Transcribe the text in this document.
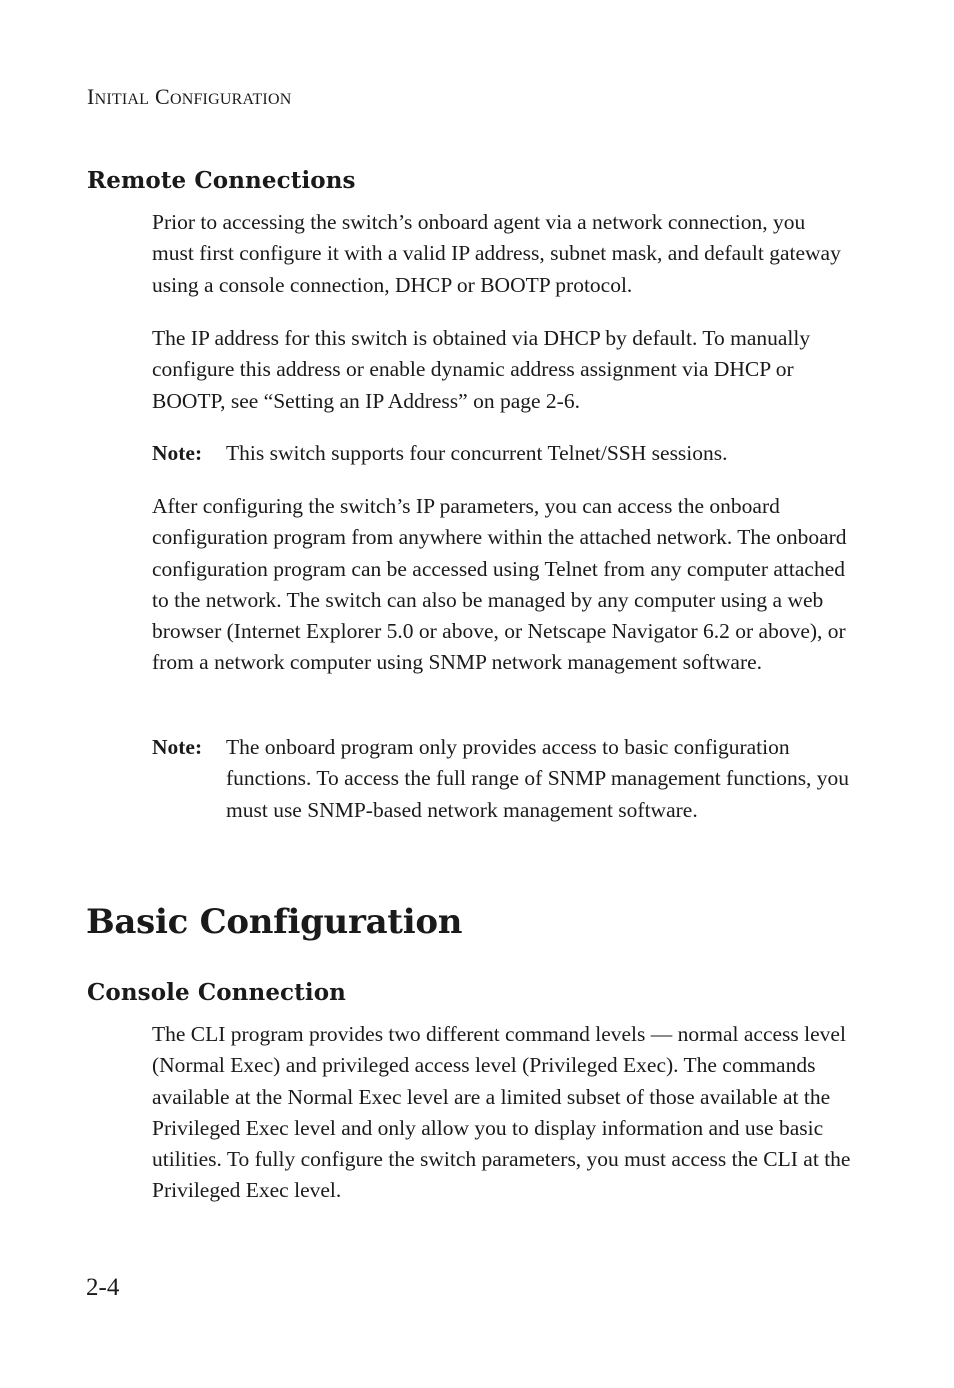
INITIAL CONFIGURATION
Remote Connections

Prior to accessing the switch’s onboard agent via a network connection, you must first configure it with a valid IP address, subnet mask, and default gateway using a console connection, DHCP or BOOTP protocol.

The IP address for this switch is obtained via DHCP by default. To manually configure this address or enable dynamic address assignment via DHCP or BOOTP, see “Setting an IP Address” on page 2-6.

Note: This switch supports four concurrent Telnet/SSH sessions.

After configuring the switch’s IP parameters, you can access the onboard configuration program from anywhere within the attached network. The onboard configuration program can be accessed using Telnet from any computer attached to the network. The switch can also be managed by any computer using a web browser (Internet Explorer 5.0 or above, or Netscape Navigator 6.2 or above), or from a network computer using SNMP network management software.

Note: The onboard program only provides access to basic configuration functions. To access the full range of SNMP management functions, you must use SNMP-based network management software.
Basic Configuration
Console Connection

The CLI program provides two different command levels — normal access level (Normal Exec) and privileged access level (Privileged Exec). The commands available at the Normal Exec level are a limited subset of those available at the Privileged Exec level and only allow you to display information and use basic utilities. To fully configure the switch parameters, you must access the CLI at the Privileged Exec level.

2-4
